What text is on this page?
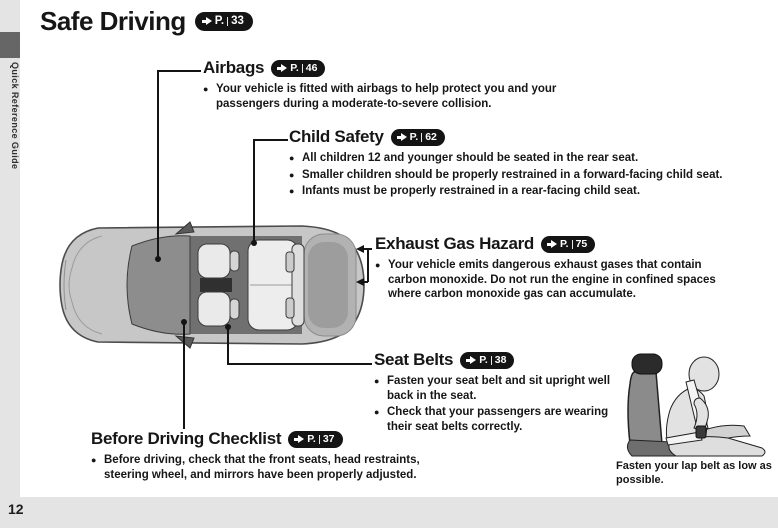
Safe Driving	P. 33
Airbags P. 46
● Your vehicle is fitted with airbags to help protect you and your passengers during a moderate-to-severe collision.
Child Safety P. 62
● All children 12 and younger should be seated in the rear seat.
● Smaller children should be properly restrained in a forward-facing child seat.
● Infants must be properly restrained in a rear-facing child seat.
Exhaust Gas Hazard P. 75
● Your vehicle emits dangerous exhaust gases that contain carbon monoxide. Do not run the engine in confined spaces where carbon monoxide gas can accumulate.
Seat Belts P. 38
● Fasten your seat belt and sit upright well back in the seat.
● Check that your passengers are wearing their seat belts correctly.
Before Driving Checklist P. 37
● Before driving, check that the front seats, head restraints, steering wheel, and mirrors have been properly adjusted.
Fasten your lap belt as low as possible.
Quick Reference Guide
12
